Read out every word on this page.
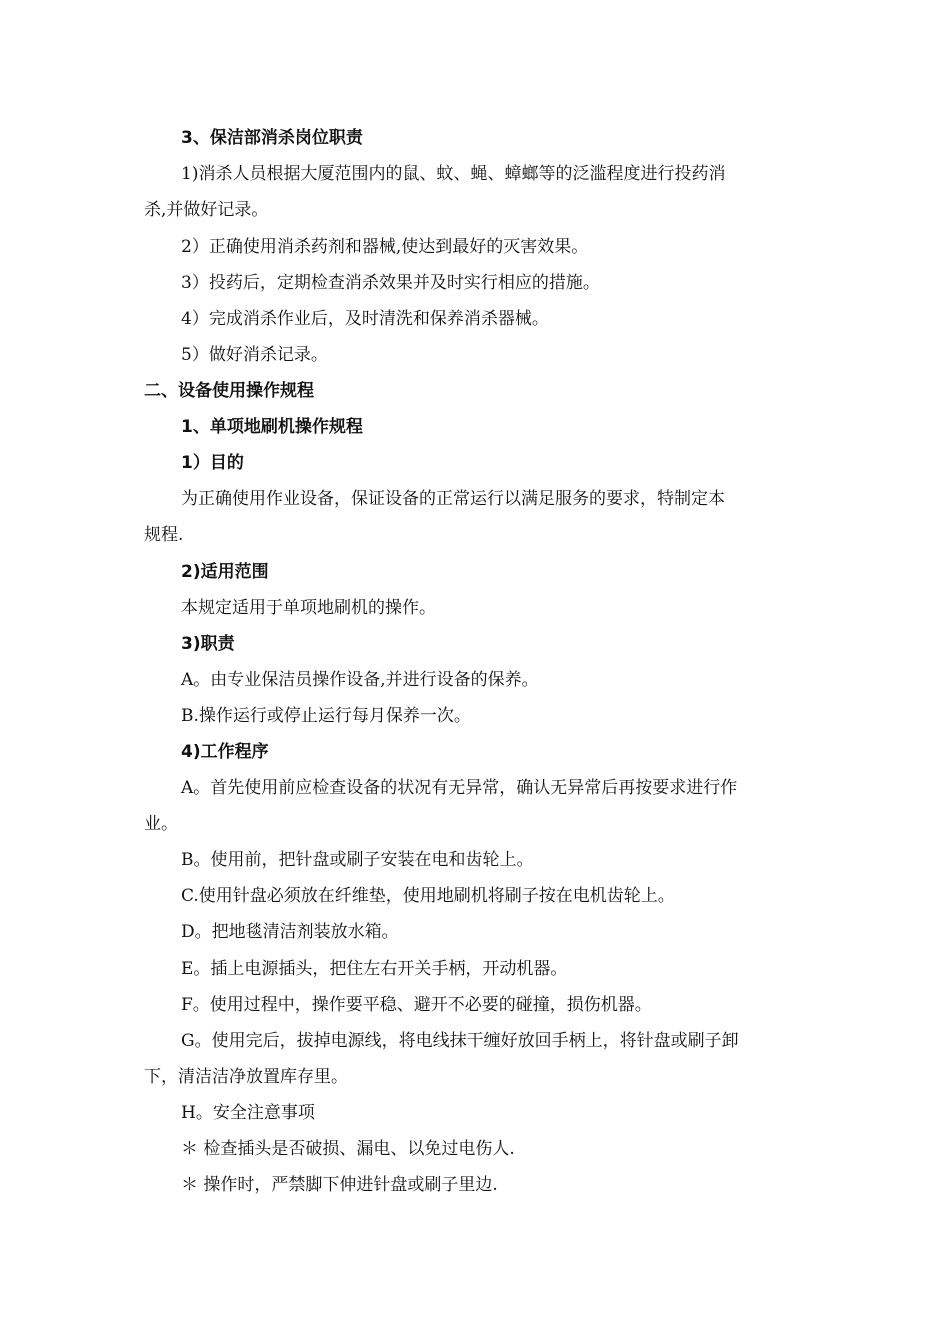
3、保洁部消杀岗位职责
1)消杀人员根据大厦范围内的鼠、蚊、蝇、蟑螂等的泛滥程度进行投药消
杀,并做好记录。
2）正确使用消杀药剂和器械,使达到最好的灭害效果。
3）投药后，定期检查消杀效果并及时实行相应的措施。
4）完成消杀作业后，及时清洗和保养消杀器械。
5）做好消杀记录。
二、设备使用操作规程
1、单项地刷机操作规程
1）目的
为正确使用作业设备，保证设备的正常运行以满足服务的要求，特制定本
规程.
2)适用范围
本规定适用于单项地刷机的操作。
3)职责
A。由专业保洁员操作设备,并进行设备的保养。
B.操作运行或停止运行每月保养一次。
4)工作程序
A。首先使用前应检查设备的状况有无异常，确认无异常后再按要求进行作
业。
B。使用前，把针盘或刷子安装在电和齿轮上。
C.使用针盘必须放在纤维垫，使用地刷机将刷子按在电机齿轮上。
D。把地毯清洁剂装放水箱。
E。插上电源插头，把住左右开关手柄，开动机器。
F。使用过程中，操作要平稳、避开不必要的碰撞，损伤机器。
G。使用完后，拔掉电源线，将电线抹干缠好放回手柄上，将针盘或刷子卸
下，清洁洁净放置库存里。
H。安全注意事项
＊ 检查插头是否破损、漏电、以免过电伤人.
＊ 操作时，严禁脚下伸进针盘或刷子里边.
